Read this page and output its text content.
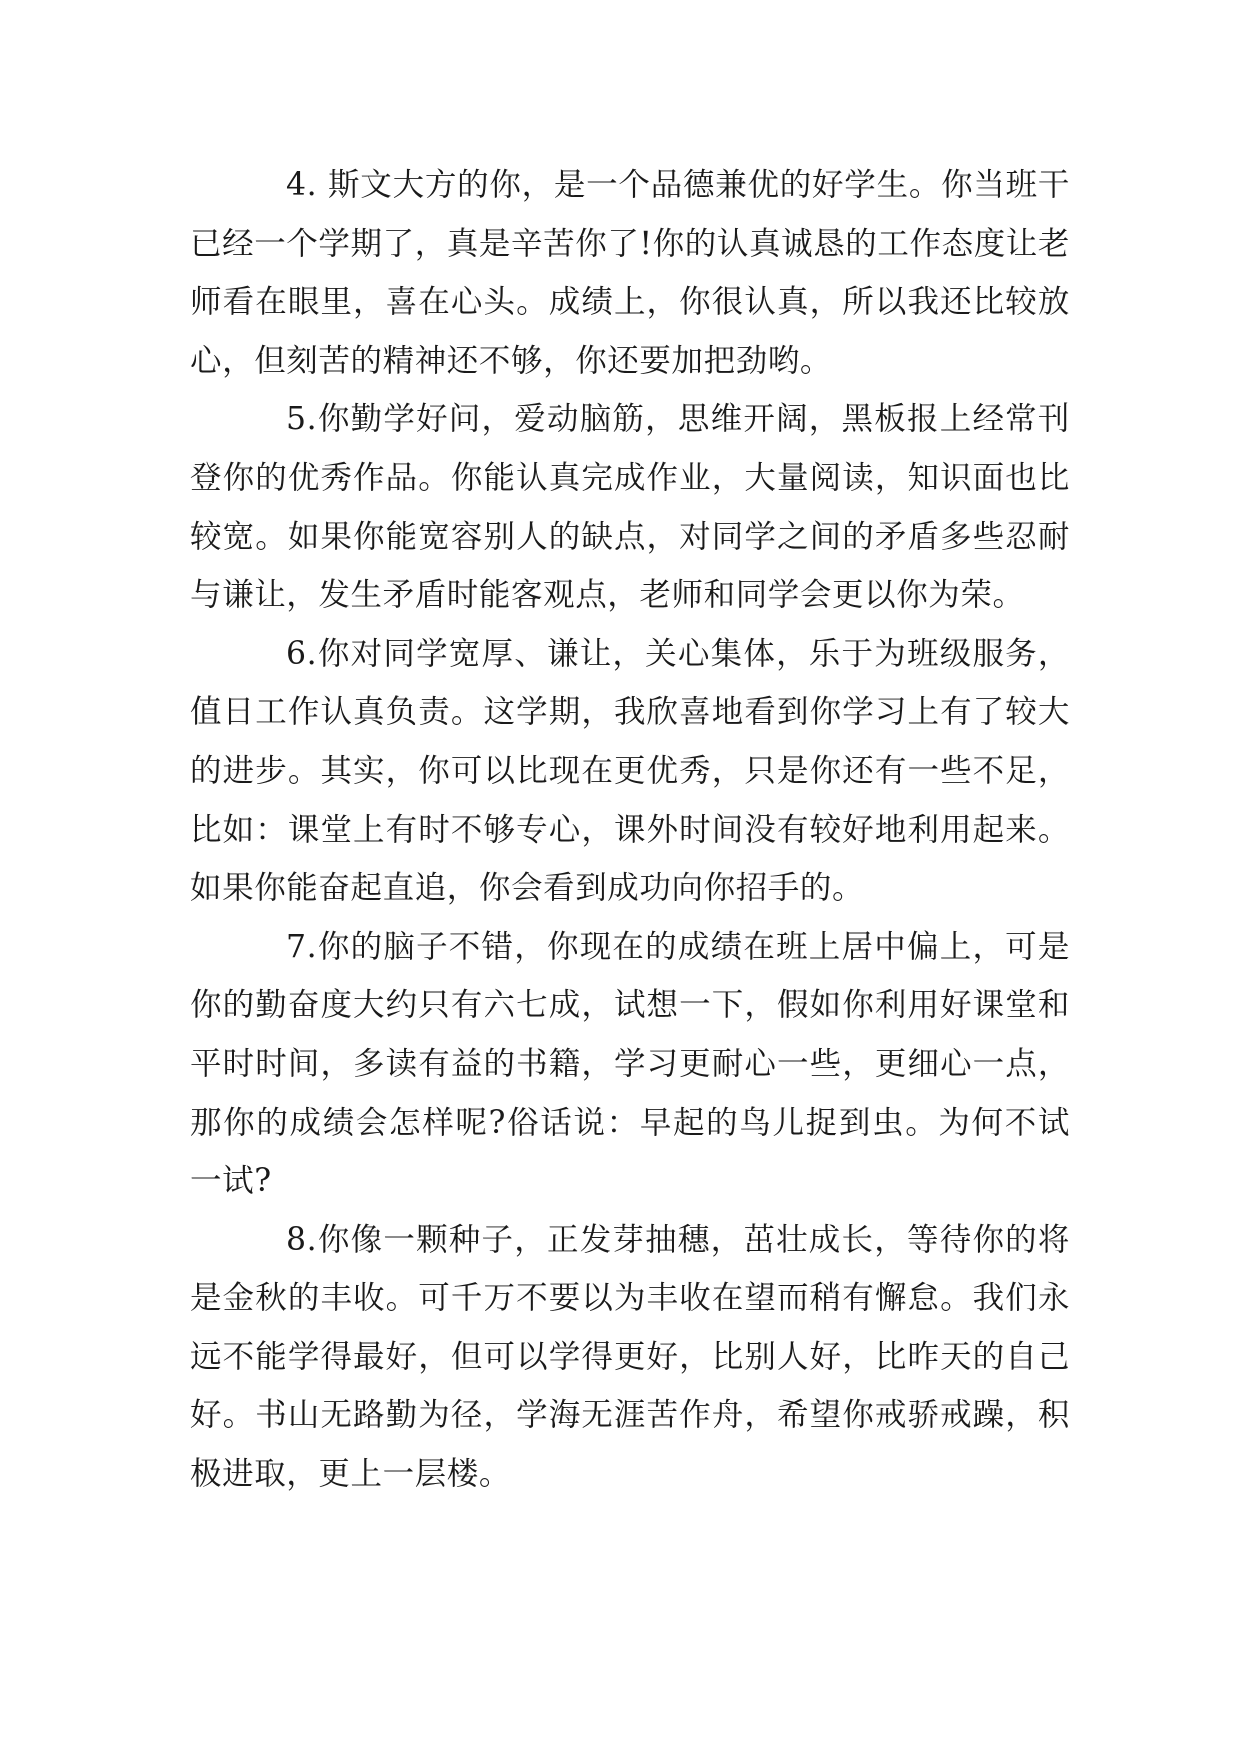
4. 斯文大方的你，是一个品德兼优的好学生。你当班干已经一个学期了，真是辛苦你了!你的认真诚恳的工作态度让老师看在眼里，喜在心头。成绩上，你很认真，所以我还比较放心，但刻苦的精神还不够，你还要加把劲哟。

5.你勤学好问，爱动脑筋，思维开阔，黑板报上经常刊登你的优秀作品。你能认真完成作业，大量阅读，知识面也比较宽。如果你能宽容别人的缺点，对同学之间的矛盾多些忍耐与谦让，发生矛盾时能客观点，老师和同学会更以你为荣。

6.你对同学宽厚、谦让，关心集体，乐于为班级服务，值日工作认真负责。这学期，我欣喜地看到你学习上有了较大的进步。其实，你可以比现在更优秀，只是你还有一些不足，比如：课堂上有时不够专心，课外时间没有较好地利用起来。如果你能奋起直追，你会看到成功向你招手的。

7.你的脑子不错，你现在的成绩在班上居中偏上，可是你的勤奋度大约只有六七成，试想一下，假如你利用好课堂和平时时间，多读有益的书籍，学习更耐心一些，更细心一点，那你的成绩会怎样呢?俗话说：早起的鸟儿捉到虫。为何不试一试?

8.你像一颗种子，正发芽抽穗，茁壮成长，等待你的将是金秋的丰收。可千万不要以为丰收在望而稍有懈怠。我们永远不能学得最好，但可以学得更好，比别人好，比昨天的自己好。书山无路勤为径，学海无涯苦作舟，希望你戒骄戒躁，积极进取，更上一层楼。
